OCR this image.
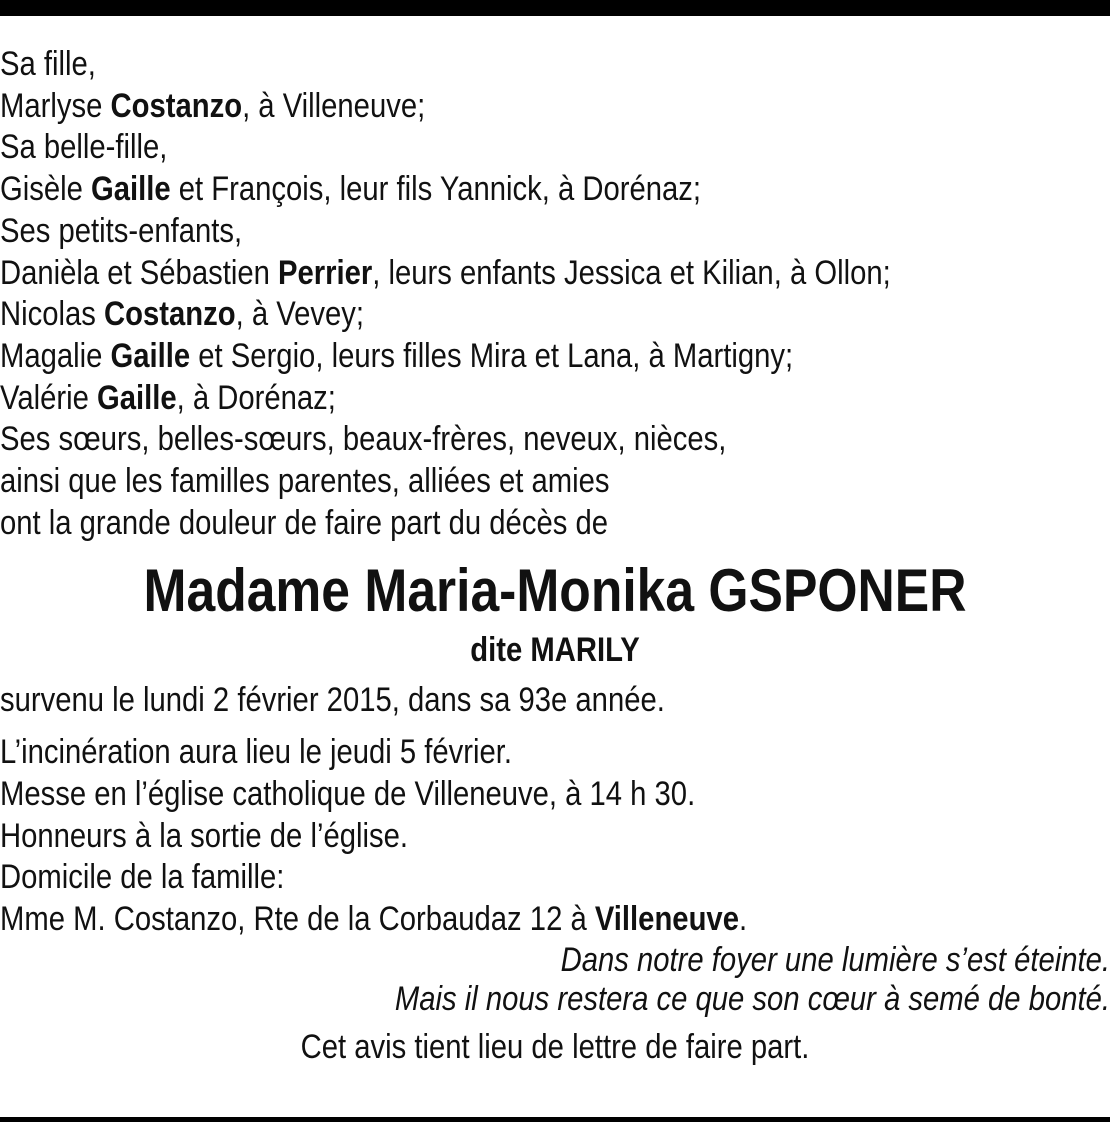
Sa fille,
Marlyse Costanzo, à Villeneuve;
Sa belle-fille,
Gisèle Gaille et François, leur fils Yannick, à Dorénaz;
Ses petits-enfants,
Danièla et Sébastien Perrier, leurs enfants Jessica et Kilian, à Ollon;
Nicolas Costanzo, à Vevey;
Magalie Gaille et Sergio, leurs filles Mira et Lana, à Martigny;
Valérie Gaille, à Dorénaz;
Ses sœurs, belles-sœurs, beaux-frères, neveux, nièces,
ainsi que les familles parentes, alliées et amies
ont la grande douleur de faire part du décès de
Madame Maria-Monika GSPONER
dite MARILY
survenu le lundi 2 février 2015, dans sa 93e année.
L’incinération aura lieu le jeudi 5 février.
Messe en l’église catholique de Villeneuve, à 14 h 30.
Honneurs à la sortie de l’église.
Domicile de la famille:
Mme M. Costanzo, Rte de la Corbaudaz 12 à Villeneuve.
Dans notre foyer une lumière s’est éteinte.
Mais il nous restera ce que son cœur à semé de bonté.
Cet avis tient lieu de lettre de faire part.
